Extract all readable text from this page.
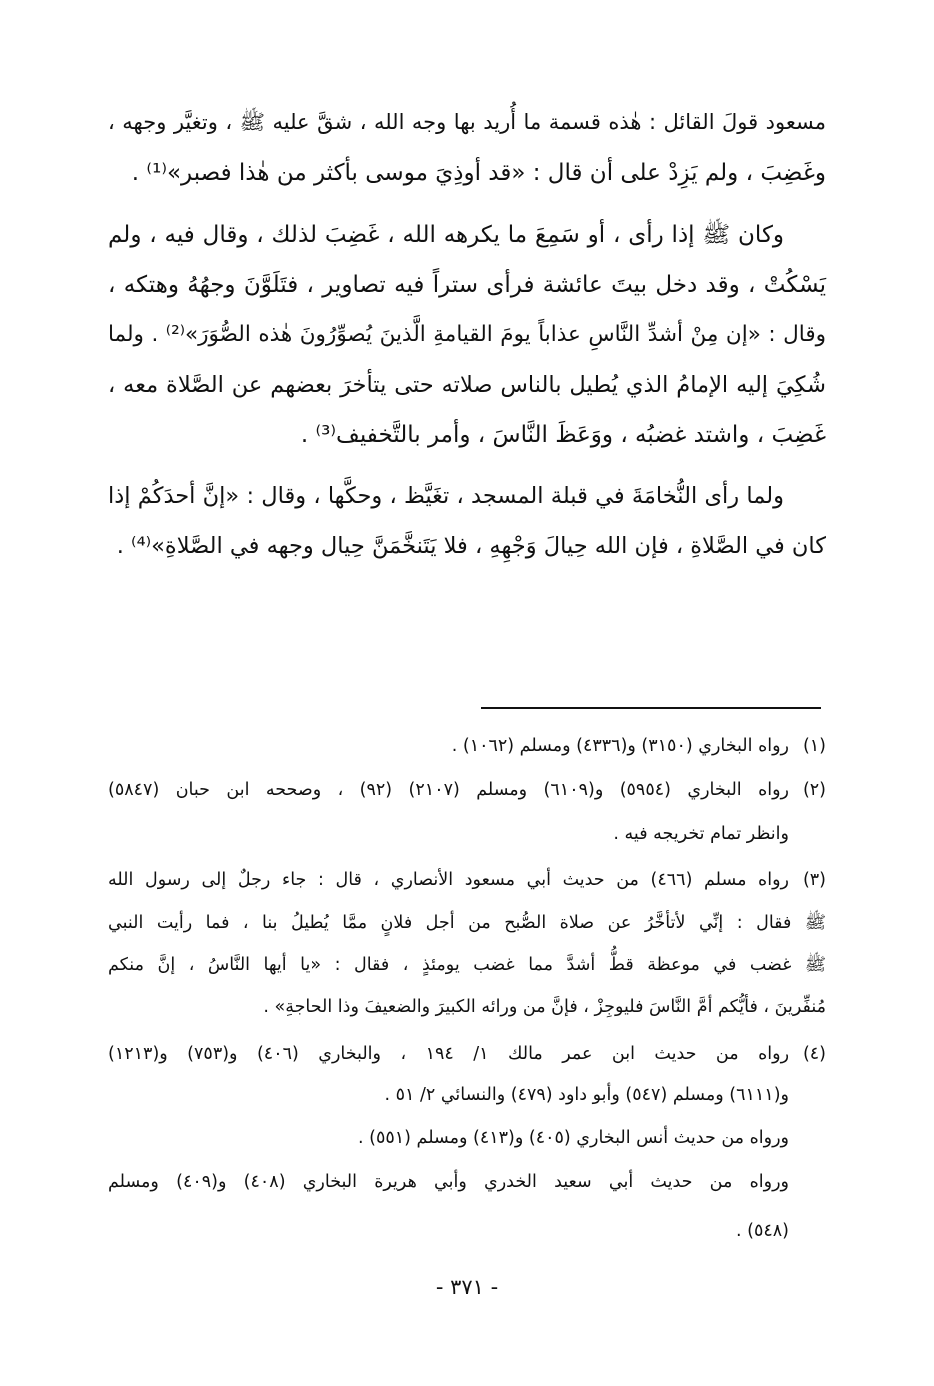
مسعود قولَ القائل : هٰذه قسمة ما أُريد بها وجه الله ، شقَّ عليه ﷺ ، وتغيَّر وجهه ،
وغَضِبَ ، ولم يَزِدْ على أن قال : «قد أوذِيَ موسى بأكثر من هٰذا فصبر»⁽¹⁾ .
وكان ﷺ إذا رأى ، أو سَمِعَ ما يكرهه الله ، غَضِبَ لذلك ، وقال فيه ، ولم
يَسْكُتْ ، وقد دخل بيتَ عائشة فرأى ستراً فيه تصاوير ، فتَلَوَّنَ وجهُهُ وهتكه ،
وقال : «إن مِنْ أشدِّ النَّاسِ عذاباً يومَ القيامةِ الَّذينَ يُصوِّرُونَ هٰذه الصُّوَرَ»⁽²⁾ . ولما
شُكِيَ إليه الإمامُ الذي يُطيل بالناس صلاته حتى يتأخرَ بعضهم عن الصَّلاة معه ،
غَضِبَ ، واشتد غضبُه ، ووَعَظَ النَّاسَ ، وأمر بالتَّخفيف⁽³⁾ .
ولما رأى النُّخامَةَ في قبلة المسجد ، تغَيَّظ ، وحكَّها ، وقال : «إنَّ أحدَكُمْ إذا
كان في الصَّلاةِ ، فإن الله حِيالَ وَجْهِهِ ، فلا يَتَنخَّمَنَّ حِيال وجهه في الصَّلاةِ»⁽⁴⁾ .
(١)
رواه البخاري (٣١٥٠) و(٤٣٣٦) ومسلم (١٠٦٢) .
(٢)
رواه البخاري (٥٩٥٤) و(٦١٠٩) ومسلم (٢١٠٧) (٩٢) ، وصححه ابن حبان (٥٨٤٧)
وانظر تمام تخريجه فيه .
(٣)
رواه مسلم (٤٦٦) من حديث أبي مسعود الأنصاري ، قال : جاء رجلٌ إلى رسول الله
ﷺ فقال : إنِّي لأتأخَّرُ عن صلاة الصُّبح من أجل فلانٍ ممَّا يُطيلُ بنا ، فما رأيت النبي
ﷺ غضب في موعظة قطُّ أشدَّ مما غضب يومئذٍ ، فقال : «يا أيها النَّاسُ ، إنَّ منكم
مُنفِّرينَ ، فأيُّكم أمَّ النَّاسَ فليوجِزْ ، فإنَّ من ورائه الكبيرَ والضعيفَ وذا الحاجةِ» .
(٤)
رواه من حديث ابن عمر مالك ١/ ١٩٤ ، والبخاري (٤٠٦) و(٧٥٣) و(١٢١٣)
و(٦١١١) ومسلم (٥٤٧) وأبو داود (٤٧٩) والنسائي ٢/ ٥١ .
ورواه من حديث أنس البخاري (٤٠٥) و(٤١٣) ومسلم (٥٥١) .
ورواه من حديث أبي سعيد الخدري وأبي هريرة البخاري (٤٠٨) و(٤٠٩) ومسلم
(٥٤٨) .
- ٣٧١ -
